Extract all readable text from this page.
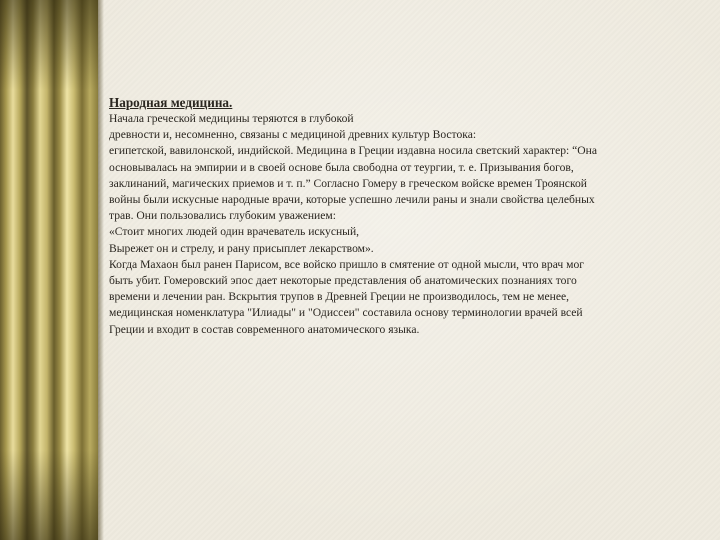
Народная медицина.
Начала греческой медицины теряются в глубокой
древности и, несомненно, связаны с медициной древних культур Востока:
египетской, вавилонской, индийской. Медицина в Греции издавна носила светский характер: “Она
основывалась на эмпирии и в своей основе была свободна от теургии, т. е. Призывания богов,
заклинаний, магических приемов и т. п.” Согласно Гомеру в греческом войске времен Троянской
войны были искусные народные врачи, которые успешно лечили раны и знали свойства целебных
трав. Они пользовались глубоким уважением:
«Стоит многих людей один врачеватель искусный,
Вырежет он и стрелу, и рану присыплет лекарством».
Когда Махаон был ранен Парисом, все войско пришло в смятение от одной мысли, что врач мог
быть убит. Гомеровский эпос дает некоторые представления об анатомических познаниях того
времени и лечении ран. Вскрытия трупов в Древней Греции не производилось, тем не менее,
медицинская номенклатура "Илиады" и "Одиссеи" составила основу терминологии врачей всей
Греции и входит в состав современного анатомического языка.
